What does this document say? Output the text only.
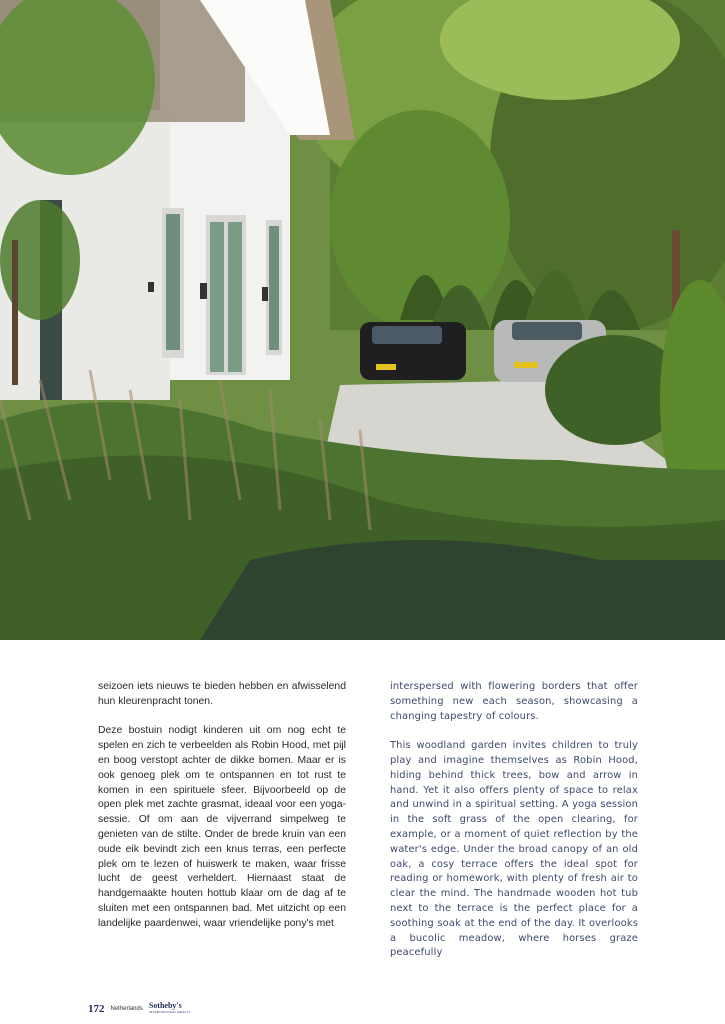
seizoen iets nieuws te bieden hebben en afwisselend hun kleurenpracht tonen.

Deze bostuin nodigt kinderen uit om nog echt te spelen en zich te verbeelden als Robin Hood, met pijl en boog verstopt achter de dikke bomen. Maar er is ook genoeg plek om te ontspannen en tot rust te komen in een spirituele sfeer. Bijvoorbeeld op de open plek met zachte grasmat, ideaal voor een yoga-sessie. Of om aan de vijverrand simpelweg te genieten van de stilte. Onder de brede kruin van een oude eik bevindt zich een knus terras, een perfecte plek om te lezen of huiswerk te maken, waar frisse lucht de geest verheldert. Hiernaast staat de handgemaakte houten hottub klaar om de dag af te sluiten met een ontspannen bad. Met uitzicht op een landelijke paardenwei, waar vriendelijke pony's met

interspersed with flowering borders that offer something new each season, showcasing a changing tapestry of colours.

This woodland garden invites children to truly play and imagine themselves as Robin Hood, hiding behind thick trees, bow and arrow in hand. Yet it also offers plenty of space to relax and unwind in a spiritual setting. A yoga session in the soft grass of the open clearing, for example, or a moment of quiet reflection by the water's edge. Under the broad canopy of an old oak, a cosy terrace offers the ideal spot for reading or homework, with plenty of fresh air to clear the mind. The handmade wooden hot tub next to the terrace is the perfect place for a soothing soak at the end of the day. It overlooks a bucolic meadow, where horses graze peacefully

172 Netherlands Sotheby's
INTERNATIONAL REALTY
